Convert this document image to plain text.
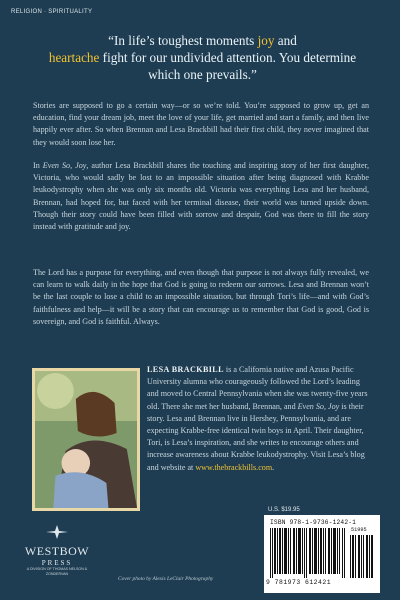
RELIGION · SPIRITUALITY
“In life’s toughest moments joy and
heartache fight for our undivided attention. You determine which one prevails.”

Stories are supposed to go a certain way—or so we’re told. You’re supposed to grow up, get an education, find your dream job, meet the love of your life, get married and start a family, and then live happily ever after. So when Brennan and Lesa Brackbill had their first child, they never imagined that they would soon lose her.

In Even So, Joy, author Lesa Brackbill shares the touching and inspiring story of her first daughter, Victoria, who would sadly be lost to an impossible situation after being diagnosed with Krabbe leukodystrophy when she was only six months old. Victoria was everything Lesa and her husband, Brennan, had hoped for, but faced with her terminal disease, their world was turned upside down. Though their story could have been filled with sorrow and despair, God was there to fill the story instead with gratitude and joy.

The Lord has a purpose for everything, and even though that purpose is not always fully revealed, we can learn to walk daily in the hope that God is going to redeem our sorrows. Lesa and Brennan won’t be the last couple to lose a child to an impossible situation, but through Tori’s life—and with God’s faithfulness and help—it will be a story that can encourage us to remember that God is good, God is sovereign, and God is faithful. Always.

LESA BRACKBILL is a California native and Azusa Pacific University alumna who courageously followed the Lord’s leading and moved to Central Pennsylvania when she was twenty-five years old. There she met her husband, Brennan, and Even So, Joy is their story. Lesa and Brennan live in Hershey, Pennsylvania, and are expecting Krabbe-free identical twin boys in April. Their daughter, Tori, is Lesa’s inspiration, and she writes to encourage others and increase awareness about Krabbe leukodystrophy. Visit Lesa’s blog and website at www.thebrackbills.com.

WESTBOW
PRESS
A DIVISION OF THOMAS NELSON & ZONDERVAN
Cover photo by Alexis LeClair Photography
U.S. $19.95
ISBN 978-1-9736-1242-1
51995
9 781973 612421
